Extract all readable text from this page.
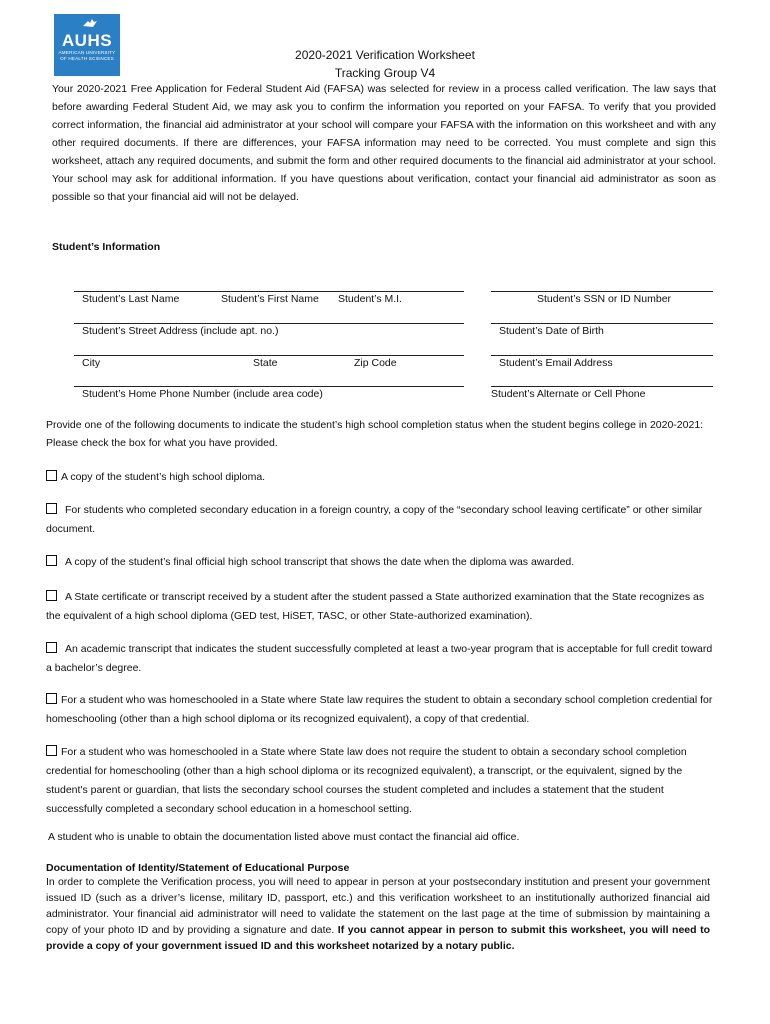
AUHS
AMERICAN UNIVERSITY
OF HEALTH SCIENCES	2020-2021 Verification Worksheet
Tracking Group V4
Your 2020-2021 Free Application for Federal Student Aid (FAFSA) was selected for review in a process called verification. The law says that before awarding Federal Student Aid, we may ask you to confirm the information you reported on your FAFSA. To verify that you provided correct information, the financial aid administrator at your school will compare your FAFSA with the information on this worksheet and with any other required documents. If there are differences, your FAFSA information may need to be corrected. You must complete and sign this worksheet, attach any required documents, and submit the form and other required documents to the financial aid administrator at your school. Your school may ask for additional information. If you have questions about verification, contact your financial aid administrator as soon as possible so that your financial aid will not be delayed.
Student’s Information
Student’s Last Name	Student’s First Name Student’s M.I.	Student’s SSN or ID Number
Student’s Street Address (include apt. no.)	Student’s Date of Birth
City	State	Zip Code	Student’s Email Address
Student’s Home Phone Number (include area code)	Student’s Alternate or Cell Phone
Provide one of the following documents to indicate the student’s high school completion status when the student begins college in 2020-2021: Please check the box for what you have provided.
A copy of the student’s high school diploma.
For students who completed secondary education in a foreign country, a copy of the “secondary school leaving certificate” or other similar document.
A copy of the student’s final official high school transcript that shows the date when the diploma was awarded.
A State certificate or transcript received by a student after the student passed a State authorized examination that the State recognizes as the equivalent of a high school diploma (GED test, HiSET, TASC, or other State-authorized examination).
An academic transcript that indicates the student successfully completed at least a two-year program that is acceptable for full credit toward a bachelor’s degree.
For a student who was homeschooled in a State where State law requires the student to obtain a secondary school completion credential for homeschooling (other than a high school diploma or its recognized equivalent), a copy of that credential.
For a student who was homeschooled in a State where State law does not require the student to obtain a secondary school completion credential for homeschooling (other than a high school diploma or its recognized equivalent), a transcript, or the equivalent, signed by the student's parent or guardian, that lists the secondary school courses the student completed and includes a statement that the student successfully completed a secondary school education in a homeschool setting.
A student who is unable to obtain the documentation listed above must contact the financial aid office.
Documentation of Identity/Statement of Educational Purpose
In order to complete the Verification process, you will need to appear in person at your postsecondary institution and present your government issued ID (such as a driver’s license, military ID, passport, etc.) and this verification worksheet to an institutionally authorized financial aid administrator. Your financial aid administrator will need to validate the statement on the last page at the time of submission by maintaining a copy of your photo ID and by providing a signature and date. If you cannot appear in person to submit this worksheet, you will need to provide a copy of your government issued ID and this worksheet notarized by a notary public.
